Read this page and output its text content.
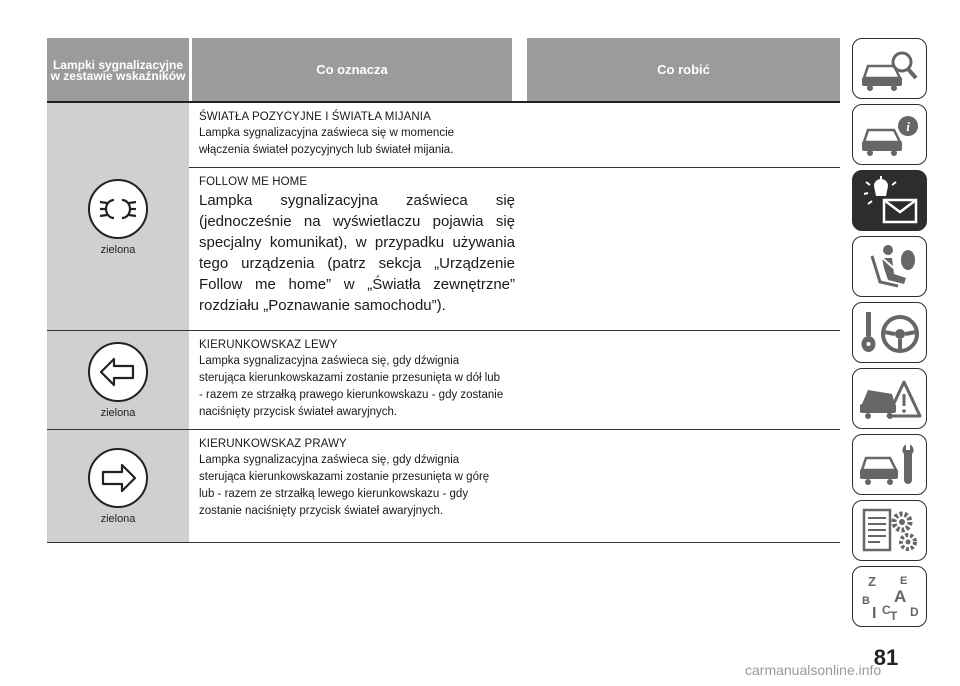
Lampki sygnalizacyjne w zestawie wskaźników	Co oznacza	Co robić
zielona
ŚWIATŁA POZYCYJNE I ŚWIATŁA MIJANIA
Lampka sygnalizacyjna zaświeca się w momencie włączenia świateł pozycyjnych lub świateł mijania.
FOLLOW ME HOME
Lampka sygnalizacyjna zaświeca się (jednocześnie na wyświetlaczu pojawia się specjalny komunikat), w przypadku używania tego urządzenia (patrz sekcja „Urządzenie Follow me home” w „Światła zewnętrzne” rozdziału „Poznawanie samochodu”).
zielona
KIERUNKOWSKAZ LEWY
Lampka sygnalizacyjna zaświeca się, gdy dźwignia sterująca kierunkowskazami zostanie przesunięta w dół lub - razem ze strzałką prawego kierunkowskazu - gdy zostanie naciśnięty przycisk świateł awaryjnych.
zielona
KIERUNKOWSKAZ PRAWY
Lampka sygnalizacyjna zaświeca się, gdy dźwignia sterująca kierunkowskazami zostanie przesunięta w górę lub - razem ze strzałką lewego kierunkowskazu - gdy zostanie naciśnięty przycisk świateł awaryjnych.
i
Z E
A
B
I C T D
81
carmanualsonline.info
